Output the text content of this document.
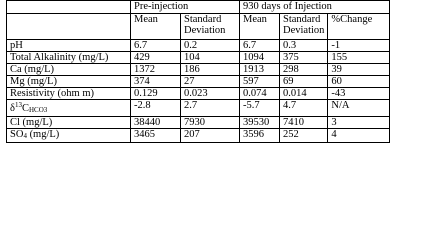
	Pre-injection		930 days of Injection		
	Mean	Standard Deviation	Mean	Standard Deviation	%Change
pH	6.7	0.2	6.7	0.3	-1
Total Alkalinity (mg/L)	429	104	1094	375	155
Ca (mg/L)	1372	186	1913	298	39
Mg (mg/L)	374	27	597	69	60
Resistivity (ohm m)	0.129	0.023	0.074	0.014	-43
$\delta^{13}CHCO3$	-2.8	2.7	-5.7	4.7	N/A
Cl (mg/L)	38440	7930	39530	7410	3
SO4 (mg/L)	3465	207	3596	252	4
